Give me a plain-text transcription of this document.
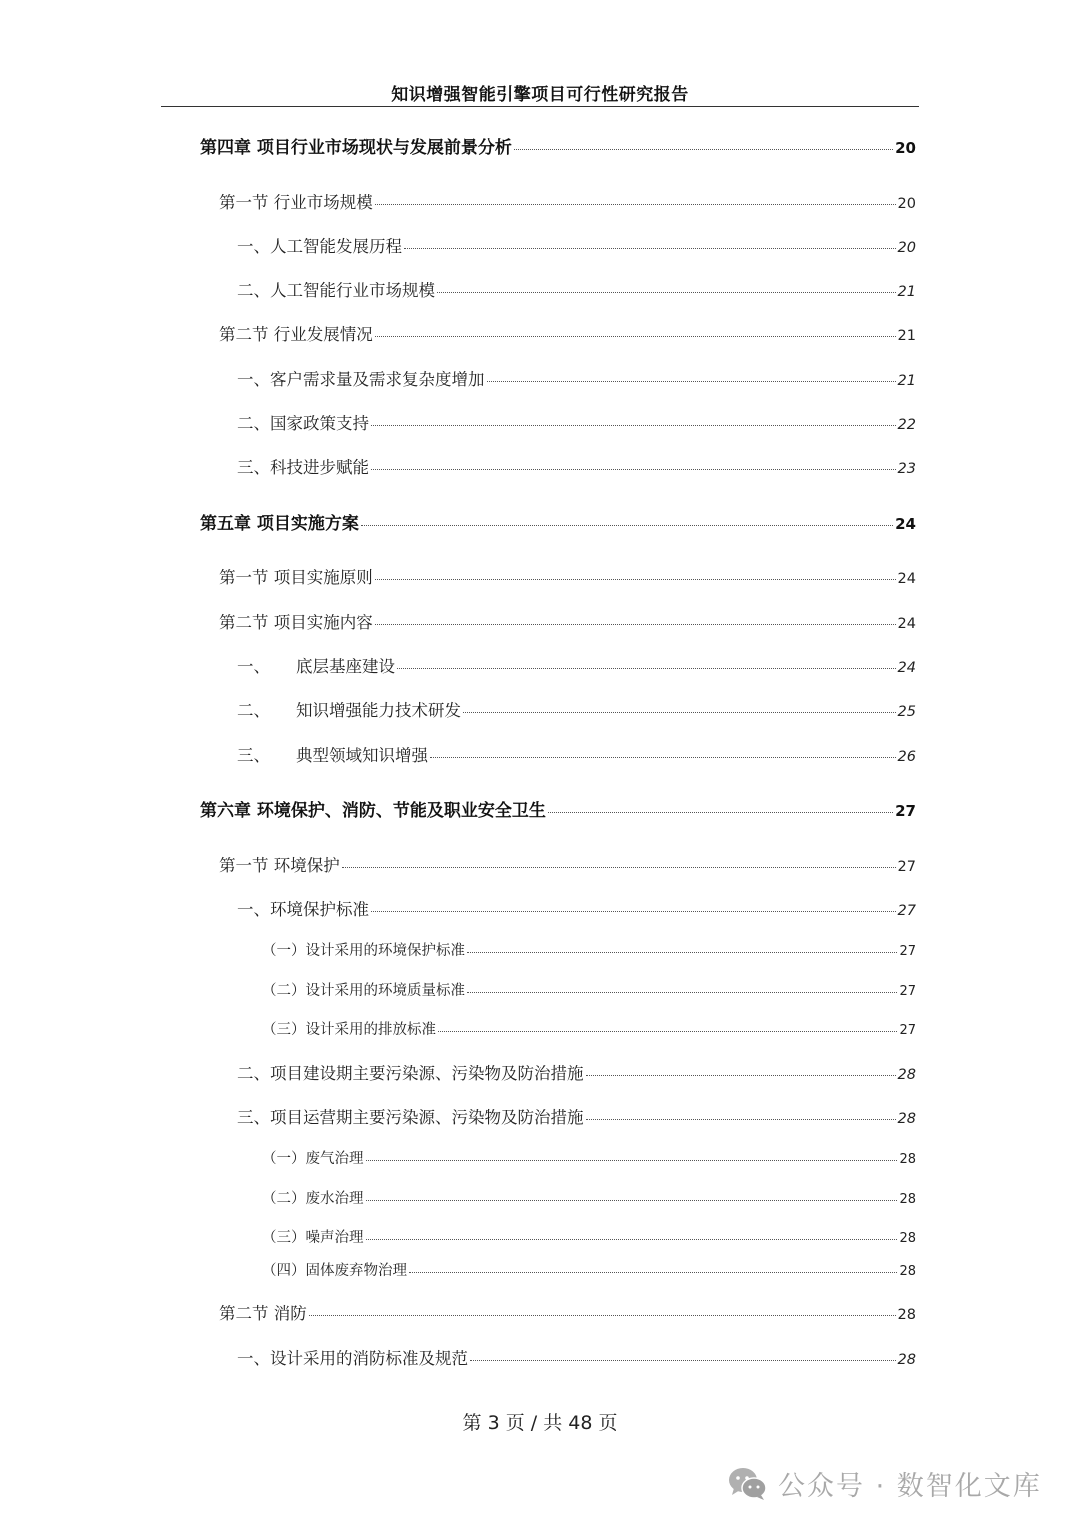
知识增强智能引擎项目可行性研究报告
第四章 项目行业市场现状与发展前景分析	20
第一节 行业市场规模	20
一、人工智能发展历程	20
二、人工智能行业市场规模	21
第二节 行业发展情况	21
一、客户需求量及需求复杂度增加	21
二、国家政策支持	22
三、科技进步赋能	23
第五章 项目实施方案	24
第一节 项目实施原则	24
第二节 项目实施内容	24
一、 底层基座建设	24
二、 知识增强能力技术研发	25
三、 典型领域知识增强	26
第六章 环境保护、消防、节能及职业安全卫生	27
第一节 环境保护	27
一、环境保护标准	27
（一）设计采用的环境保护标准	27
（二）设计采用的环境质量标准	27
（三）设计采用的排放标准	27
二、项目建设期主要污染源、污染物及防治措施	28
三、项目运营期主要污染源、污染物及防治措施	28
（一）废气治理	28
（二）废水治理	28
（三）噪声治理	28
（四）固体废弃物治理	28
第二节 消防	28
一、设计采用的消防标准及规范	28
第 3 页 / 共 48 页
公众号 · 数智化文库
